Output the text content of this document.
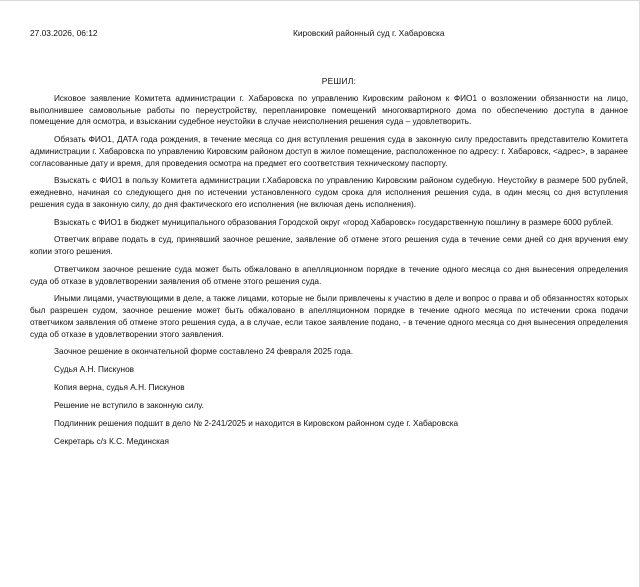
27.03.2026, 06:12	Кировский районный суд г. Хабаровска
РЕШИЛ:

Исковое заявление Комитета администрации г. Хабаровска по управлению Кировским районом к ФИО1 о возложении обязанности на лицо, выполнившее самовольные работы по переустройству, перепланировке помещений многоквартирного дома по обеспечению доступа в данное помещение для осмотра, и взыскании судебное неустойки в случае неисполнения решения суда – удовлетворить.

Обязать ФИО1, ДАТА года рождения, в течение месяца со дня вступления решения суда в законную силу предоставить представителю Комитета администрации г. Хабаровска по управлению Кировским районом доступ в жилое помещение, расположенное по адресу: г. Хабаровск, <адрес>, в заранее согласованные дату и время, для проведения осмотра на предмет его соответствия техническому паспорту.

Взыскать с ФИО1 в пользу Комитета администрации г.Хабаровска по управлению Кировским районом судебную. Неустойку в размере 500 рублей, ежедневно, начиная со следующего дня по истечении установленного судом срока для исполнения решения суда, в один месяц со дня вступления решения суда в законную силу, до дня фактического его исполнения (не включая день исполнения).

Взыскать с ФИО1 в бюджет муниципального образования Городской округ «город Хабаровск» государственную пошлину в размере 6000 рублей.

Ответчик вправе подать в суд, принявший заочное решение, заявление об отмене этого решения суда в течение семи дней со дня вручения ему копии этого решения.

Ответчиком заочное решение суда может быть обжаловано в апелляционном порядке в течение одного месяца со дня вынесения определения суда об отказе в удовлетворении заявления об отмене этого решения суда.

Иными лицами, участвующими в деле, а также лицами, которые не были привлечены к участию в деле и вопрос о права и об обязанностях которых был разрешен судом, заочное решение может быть обжаловано в апелляционном порядке в течение одного месяца по истечении срока подачи ответчиком заявления об отмене этого решения суда, а в случае, если такое заявление подано, - в течение одного месяца со дня вынесения определения суда об отказе в удовлетворении этого заявления.

Заочное решение в окончательной форме составлено 24 февраля 2025 года.

Судья А.Н. Пискунов

Копия верна, судья А.Н. Пискунов

Решение не вступило в законную силу.

Подлинник решения подшит в дело № 2-241/2025 и находится в Кировском районном суде г. Хабаровска

Секретарь с/з К.С. Мединская
